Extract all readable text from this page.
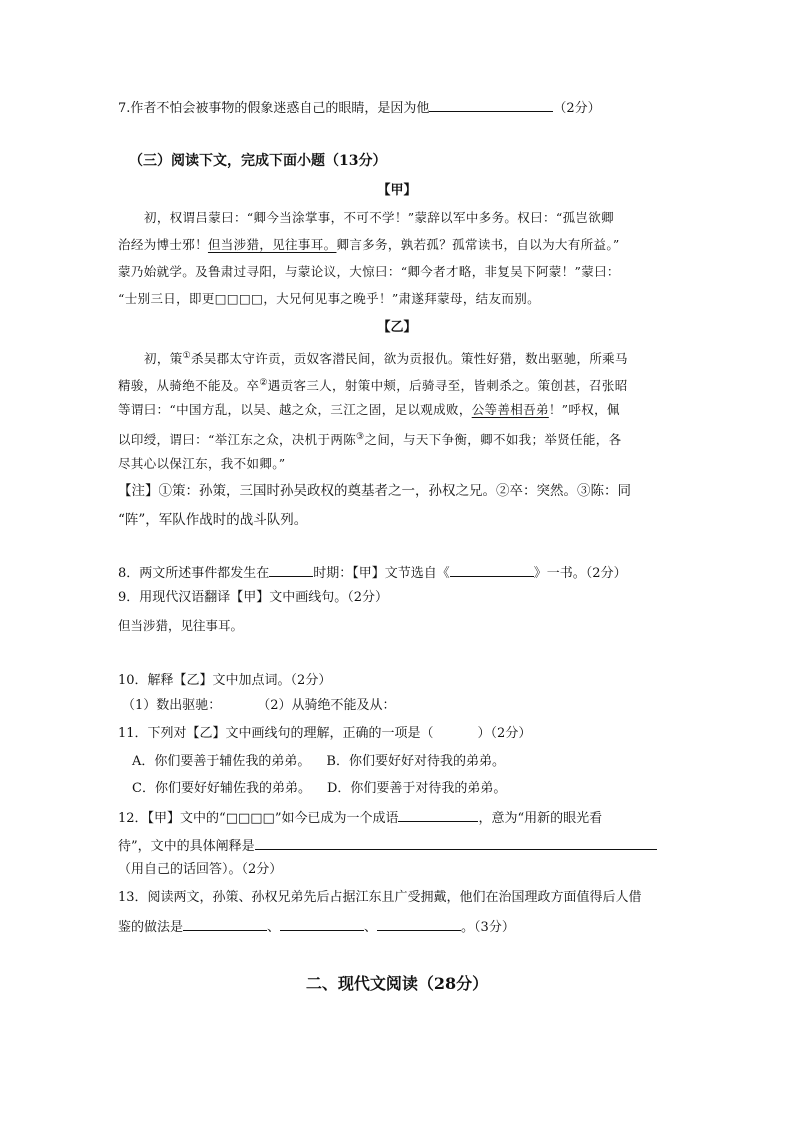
7.作者不怕会被事物的假象迷惑自己的眼睛，是因为他	（2分）
（三）阅读下文，完成下面小题（13分）
【甲】
初，权谓吕蒙曰：“卿今当涂掌事，不可不学！”蒙辞以军中多务。权曰：“孤岂欲卿
治经为博士邪！但当涉猎，见往事耳。卿言多务，孰若孤？孤常读书，自以为大有所益。”
蒙乃始就学。及鲁肃过寻阳，与蒙论议，大惊曰：“卿今者才略，非复吴下阿蒙！”蒙曰：
“士别三日，即更□□□□，大兄何见事之晚乎！”肃遂拜蒙母，结友而别。
【乙】
初，策①杀吴郡太守许贡，贡奴客潜民间，欲为贡报仇。策性好猎，数出驱驰，所乘马
精骏，从骑绝不能及。卒②遇贡客三人，射策中颊，后骑寻至，皆刺杀之。策创甚，召张昭
等谓曰：“中国方乱，以吴、越之众，三江之固，足以观成败，公等善相吾弟！”呼权，佩
以印绶，谓曰：“举江东之众，决机于两陈③之间，与天下争衡，卿不如我；举贤任能，各
尽其心以保江东，我不如卿。”
【注】①策：孙策，三国时孙吴政权的奠基者之一，孙权之兄。②卒：突然。③陈：同
“阵”，军队作战时的战斗队列。
8．两文所述事件都发生在	时期：【甲】文节选自《	》一书。（2分）
9．用现代汉语翻译【甲】文中画线句。（2分）
但当涉猎，见往事耳。
10．解释【乙】文中加点词。（2分）
（1）数出驱驰：	（2）从骑绝不能及从：
11．下列对【乙】文中画线句的理解，正确的一项是（	）（2分）
A．你们要善于辅佐我的弟弟。 B．你们要好好对待我的弟弟。
C．你们要好好辅佐我的弟弟。 D．你们要善于对待我的弟弟。
12．【甲】文中的“□□□□”如今已成为一个成语	，意为“用新的眼光看
待”，文中的具体阐释是
（用自己的话回答）。（2分）
13．阅读两文，孙策、孙权兄弟先后占据江东且广受拥戴，他们在治国理政方面值得后人借
鉴的做法是	、	、	。（3分）
二、现代文阅读（28分）
